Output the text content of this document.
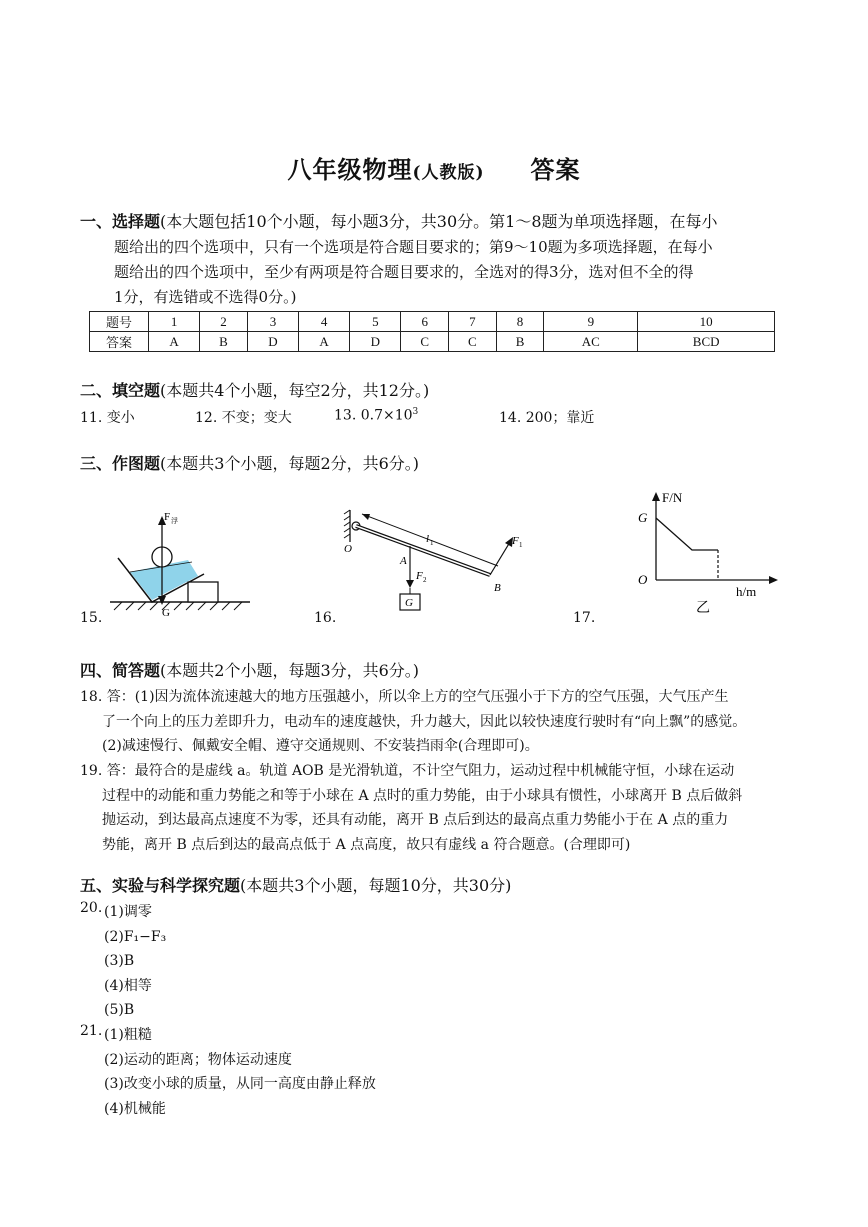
八年级物理(人教版) 答案
一、选择题(本大题包括10个小题，每小题3分，共30分。第1～8题为单项选择题，在每小
题给出的四个选项中，只有一个选项是符合题目要求的；第9～10题为多项选择题，在每小
题给出的四个选项中，至少有两项是符合题目要求的，全选对的得3分，选对但不全的得
1分，有选错或不选得0分。)
题号	1	2	3	4	5	6	7	8	9	10
答案	A	B	D	A	D	C	C	B	AC	BCD
二、填空题(本题共4个小题，每空2分，共12分。)
11. 变小	12. 不变；变大	13. $0.7\times 10^3$	14. 200；靠近
三、作图题(本题共3个小题，每题2分，共6分。)
15.
F 浮
G	16.
O
l 1
A
B
F 1
F 2
G
17.
F/N
G
O
h/m
乙
四、简答题(本题共2个小题，每题3分，共6分。)
18. 答：(1)因为流体流速越大的地方压强越小，所以伞上方的空气压强小于下方的空气压强，大气压产生
了一个向上的压力差即升力，电动车的速度越快，升力越大，因此以较快速度行驶时有“向上飘”的感觉。
(2)减速慢行、佩戴安全帽、遵守交通规则、不安装挡雨伞(合理即可)。
19. 答：最符合的是虚线 a。轨道 AOB 是光滑轨道，不计空气阻力，运动过程中机械能守恒，小球在运动
过程中的动能和重力势能之和等于小球在 A 点时的重力势能，由于小球具有惯性，小球离开 B 点后做斜
抛运动，到达最高点速度不为零，还具有动能，离开 B 点后到达的最高点重力势能小于在 A 点的重力
势能，离开 B 点后到达的最高点低于 A 点高度，故只有虚线 a 符合题意。(合理即可)
五、实验与科学探究题(本题共3个小题，每题10分，共30分)
20. (1)调零
(2)F₁−F₃
(3)B
(4)相等
(5)B
21. (1)粗糙
(2)运动的距离；物体运动速度
(3)改变小球的质量，从同一高度由静止释放
(4)机械能
